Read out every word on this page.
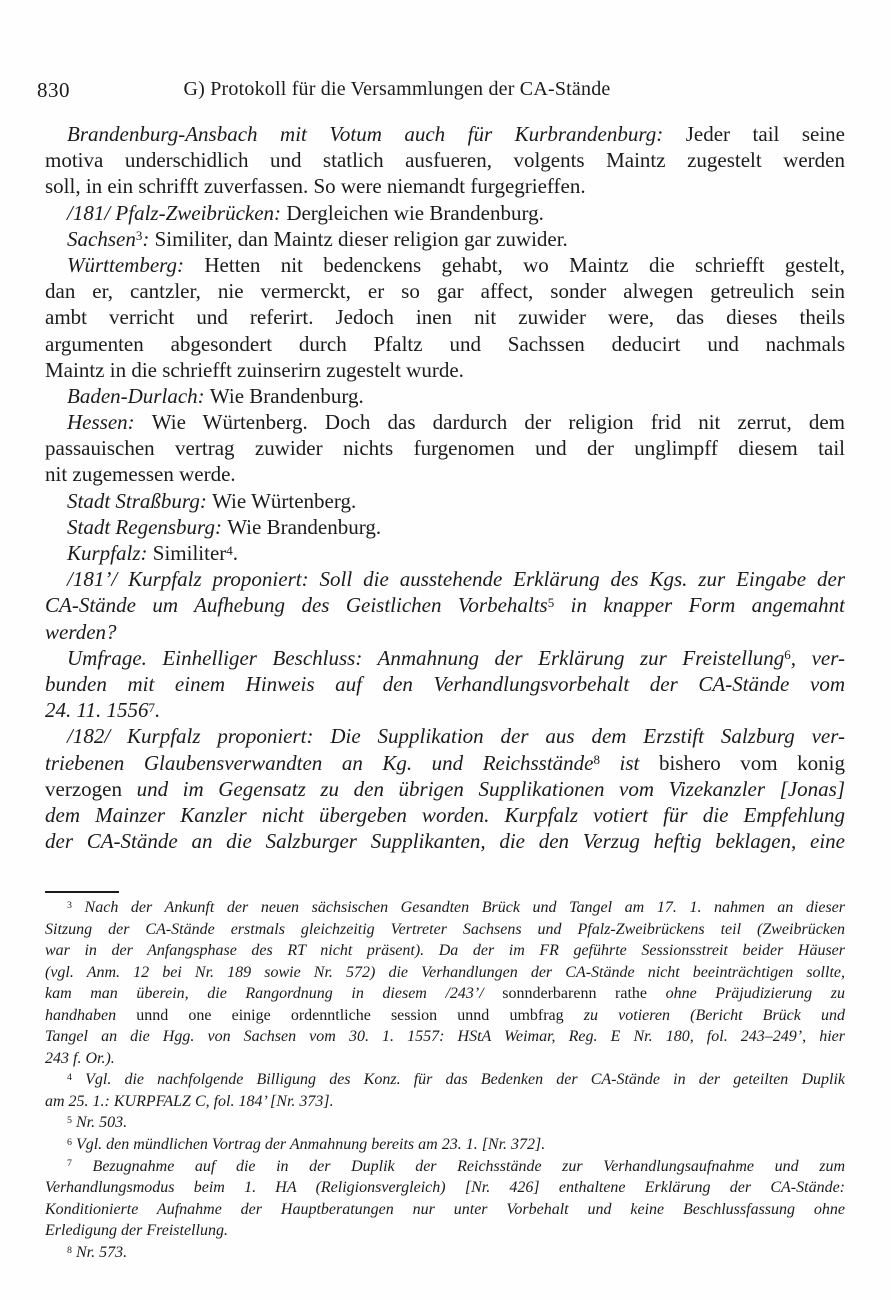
830	G) Protokoll für die Versammlungen der CA-Stände
Brandenburg-Ansbach mit Votum auch für Kurbrandenburg: Jeder tail seine
motiva underschidlich und statlich ausfueren, volgents Maintz zugestelt werden
soll, in ein schrifft zuverfassen. So were niemandt furgegrieffen.
/181/ Pfalz-Zweibrücken: Dergleichen wie Brandenburg.
Sachsen$^3$: Similiter, dan Maintz dieser religion gar zuwider.
Württemberg: Hetten nit bedenckens gehabt, wo Maintz die schriefft gestelt,
dan er, cantzler, nie vermerckt, er so gar affect, sonder alwegen getreulich sein
ambt verricht und referirt. Jedoch inen nit zuwider were, das dieses theils
argumenten abgesondert durch Pfaltz und Sachssen deducirt und nachmals
Maintz in die schriefft zuinserirn zugestelt wurde.
Baden-Durlach: Wie Brandenburg.
Hessen: Wie Würtenberg. Doch das dardurch der religion frid nit zerrut, dem
passauischen vertrag zuwider nichts furgenomen und der unglimpff diesem tail
nit zugemessen werde.
Stadt Straßburg: Wie Würtenberg.
Stadt Regensburg: Wie Brandenburg.
Kurpfalz: Similiter$^4$.
/181’/ Kurpfalz proponiert: Soll die ausstehende Erklärung des Kgs. zur Eingabe der
CA-Stände um Aufhebung des Geistlichen Vorbehalts$^5$ in knapper Form angemahnt
werden?
Umfrage. Einhelliger Beschluss: Anmahnung der Erklärung zur Freistellung$^6$, ver-
bunden mit einem Hinweis auf den Verhandlungsvorbehalt der CA-Stände vom
24. 11. 1556$^7$.
/182/ Kurpfalz proponiert: Die Supplikation der aus dem Erzstift Salzburg ver-
triebenen Glaubensverwandten an Kg. und Reichsstände$^8$ ist bishero vom konig
verzogen und im Gegensatz zu den übrigen Supplikationen vom Vizekanzler [Jonas]
dem Mainzer Kanzler nicht übergeben worden. Kurpfalz votiert für die Empfehlung
der CA-Stände an die Salzburger Supplikanten, die den Verzug heftig beklagen, eine
$^3$ Nach der Ankunft der neuen sächsischen Gesandten Brück und Tangel am 17. 1. nahmen an dieser
Sitzung der CA-Stände erstmals gleichzeitig Vertreter Sachsens und Pfalz-Zweibrückens teil (Zweibrücken
war in der Anfangsphase des RT nicht präsent). Da der im FR geführte Sessionsstreit beider Häuser
(vgl. Anm. 12 bei Nr. 189 sowie Nr. 572) die Verhandlungen der CA-Stände nicht beeinträchtigen sollte,
kam man überein, die Rangordnung in diesem /243’/ sonnderbarenn rathe ohne Präjudizierung zu
handhaben unnd one einige ordenntliche session unnd umbfrag zu votieren (Bericht Brück und
Tangel an die Hgg. von Sachsen vom 30. 1. 1557: HStA Weimar, Reg. E Nr. 180, fol. 243–249’, hier
243 f. Or.).
$^4$ Vgl. die nachfolgende Billigung des Konz. für das Bedenken der CA-Stände in der geteilten Duplik
am 25. 1.: KURPFALZ C, fol. 184’ [Nr. 373].
$^5$ Nr. 503.
$^6$ Vgl. den mündlichen Vortrag der Anmahnung bereits am 23. 1. [Nr. 372].
$^7$ Bezugnahme auf die in der Duplik der Reichsstände zur Verhandlungsaufnahme und zum
Verhandlungsmodus beim 1. HA (Religionsvergleich) [Nr. 426] enthaltene Erklärung der CA-Stände:
Konditionierte Aufnahme der Hauptberatungen nur unter Vorbehalt und keine Beschlussfassung ohne
Erledigung der Freistellung.
$^8$ Nr. 573.
